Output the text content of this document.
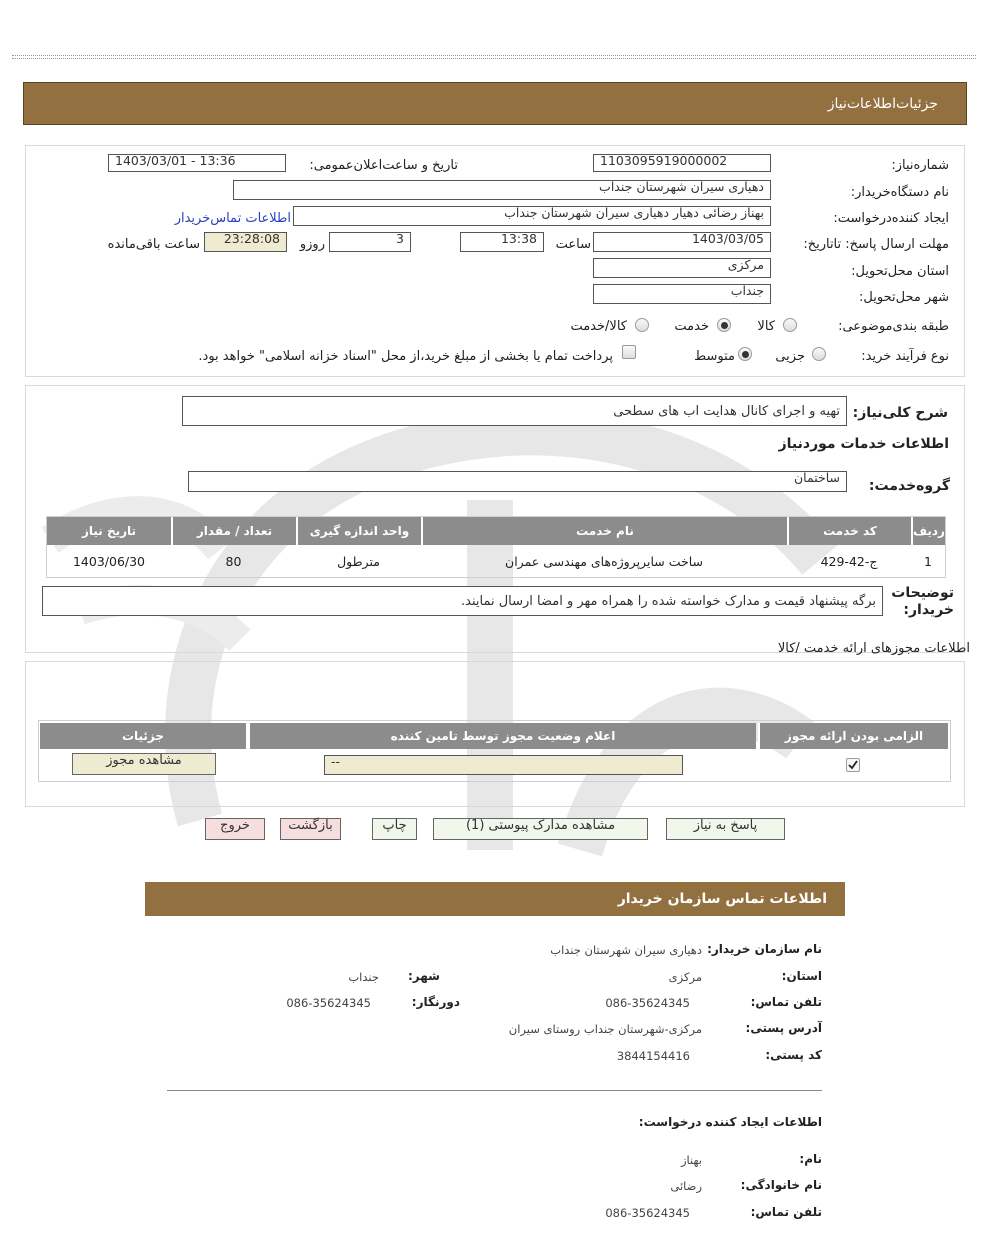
جزئیات‌اطلاعات‌نیاز
شماره‌نیاز:
1103095919000002
تاریخ و ساعت‌اعلان‌عمومی:
1403/03/01 - 13:36
نام دستگاه‌خریدار:
دهیاری سیران شهرستان جنداب
ایجاد کننده‌درخواست:
بهناز رضائی دهیار دهیاری سیران شهرستان جنداب
اطلاعات تماس‌خریدار
مهلت ارسال پاسخ: تاتاریخ:
1403/03/05
ساعت
13:38
3
روزو
23:28:08
ساعت باقی‌مانده
استان محل‌تحویل:
مرکزی
شهر محل‌تحویل:
جنداب
طبقه بندی‌موضوعی:
کالا
خدمت
کالا/خدمت
نوع فرآیند خرید:
جزیی
متوسط
پرداخت تمام یا بخشی از مبلغ خرید،از محل "اسناد خزانه اسلامی" خواهد بود.
شرح کلی‌نیاز:
تهیه و اجرای کانال هدایت اب های سطحی
اطلاعات خدمات مورد‌نیاز
گروه‌خدمت:
ساختمان
ردیف
کد خدمت
نام خدمت
واحد اندازه گیری
تعداد / مقدار
تاریخ نیاز
1
ج-42-429
ساخت سایرپروژه‌های مهندسی عمران
مترطول
80
1403/06/30
توضیحات خریدار:
برگه پیشنهاد قیمت و مدارک خواسته شده را همراه مهر و امضا ارسال نمایند.
اطلاعات مجوزهای ارائه خدمت /کالا
الزامی بودن ارائه مجوز
اعلام وضعیت مجوز توسط تامین کننده
جزئیات
--
مشاهده مجوز
پاسخ به نیاز
مشاهده مدارک پیوستی (1)
چاپ
بازگشت
خروج
اطلاعات تماس سازمان خریدار
نام سازمان خریدار:
دهیاری سیران شهرستان جنداب
استان:
مرکزی
شهر:
جنداب
تلفن تماس:
086-35624345
دورنگار:
086-35624345
آدرس پستی:
مرکزی-شهرستان جنداب روستای سیران
کد پستی:
3844154416
اطلاعات ایجاد کننده درخواست:
نام:
بهناز
نام خانوادگی:
رضائی
تلفن تماس:
086-35624345
